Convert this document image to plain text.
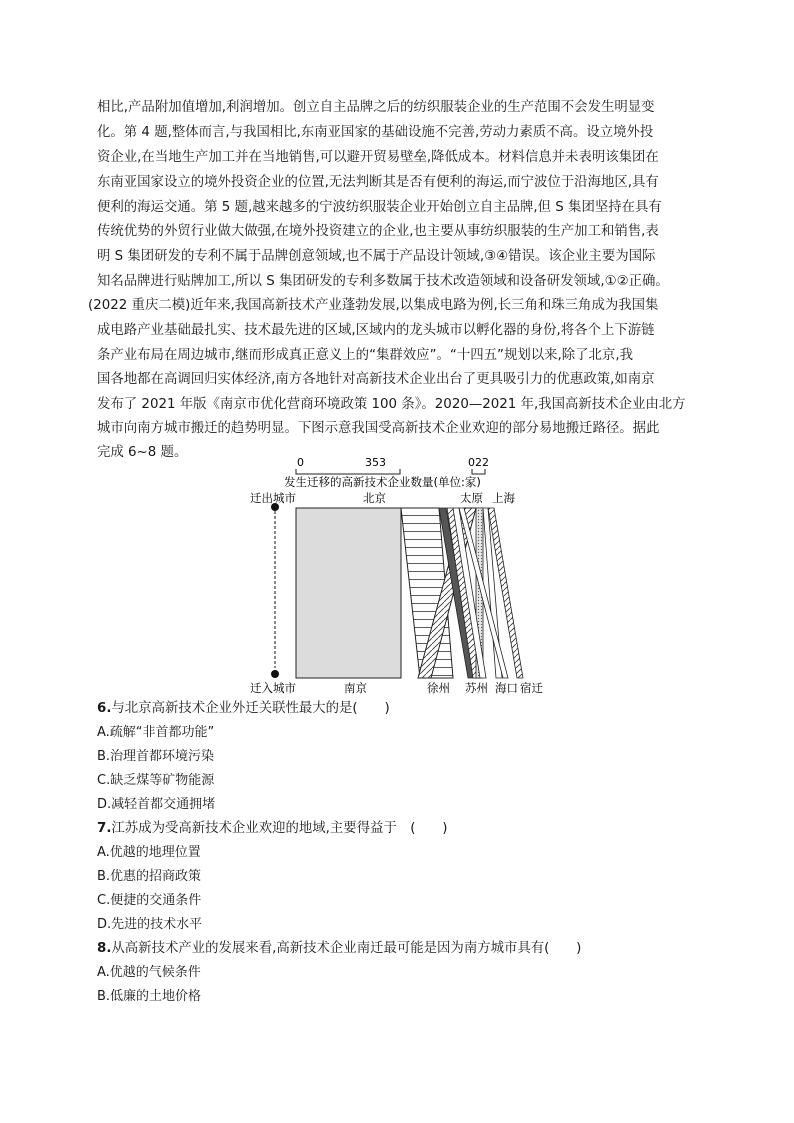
相比,产品附加值增加,利润增加。创立自主品牌之后的纺织服装企业的生产范围不会发生明显变

化。第 4 题,整体而言,与我国相比,东南亚国家的基础设施不完善,劳动力素质不高。设立境外投

资企业,在当地生产加工并在当地销售,可以避开贸易壁垒,降低成本。材料信息并未表明该集团在

东南亚国家设立的境外投资企业的位置,无法判断其是否有便利的海运,而宁波位于沿海地区,具有

便利的海运交通。第 5 题,越来越多的宁波纺织服装企业开始创立自主品牌,但 S 集团坚持在具有

传统优势的外贸行业做大做强,在境外投资建立的企业,也主要从事纺织服装的生产加工和销售,表

明 S 集团研发的专利不属于品牌创意领域,也不属于产品设计领域,③④错误。该企业主要为国际

知名品牌进行贴牌加工,所以 S 集团研发的专利多数属于技术改造领域和设备研发领域,①②正确。

(2022 重庆二模)近年来,我国高新技术产业蓬勃发展,以集成电路为例,长三角和珠三角成为我国集

成电路产业基础最扎实、技术最先进的区域,区域内的龙头城市以孵化器的身份,将各个上下游链

条产业布局在周边城市,继而形成真正意义上的“集群效应”。“十四五”规划以来,除了北京,我

国各地都在高调回归实体经济,南方各地针对高新技术企业出台了更具吸引力的优惠政策,如南京

发布了 2021 年版《南京市优化营商环境政策 100 条》。2020—2021 年,我国高新技术企业由北方

城市向南方城市搬迁的趋势明显。下图示意我国受高新技术企业欢迎的部分易地搬迁路径。据此

完成 6~8 题。

0	353	022
发生迁移的高新技术企业数量(单位:家)
迁出城市
迁入城市
北京	太原 上海
南京	徐州 苏州 海口 宿迁

6.与北京高新技术企业外迁关联性最大的是(　　)

A.疏解“非首都功能”

B.治理首都环境污染

C.缺乏煤等矿物能源

D.减轻首都交通拥堵

7.江苏成为受高新技术企业欢迎的地域,主要得益于　(　　)

A.优越的地理位置

B.优惠的招商政策

C.便捷的交通条件

D.先进的技术水平

8.从高新技术产业的发展来看,高新技术企业南迁最可能是因为南方城市具有(　　)

A.优越的气候条件

B.低廉的土地价格
